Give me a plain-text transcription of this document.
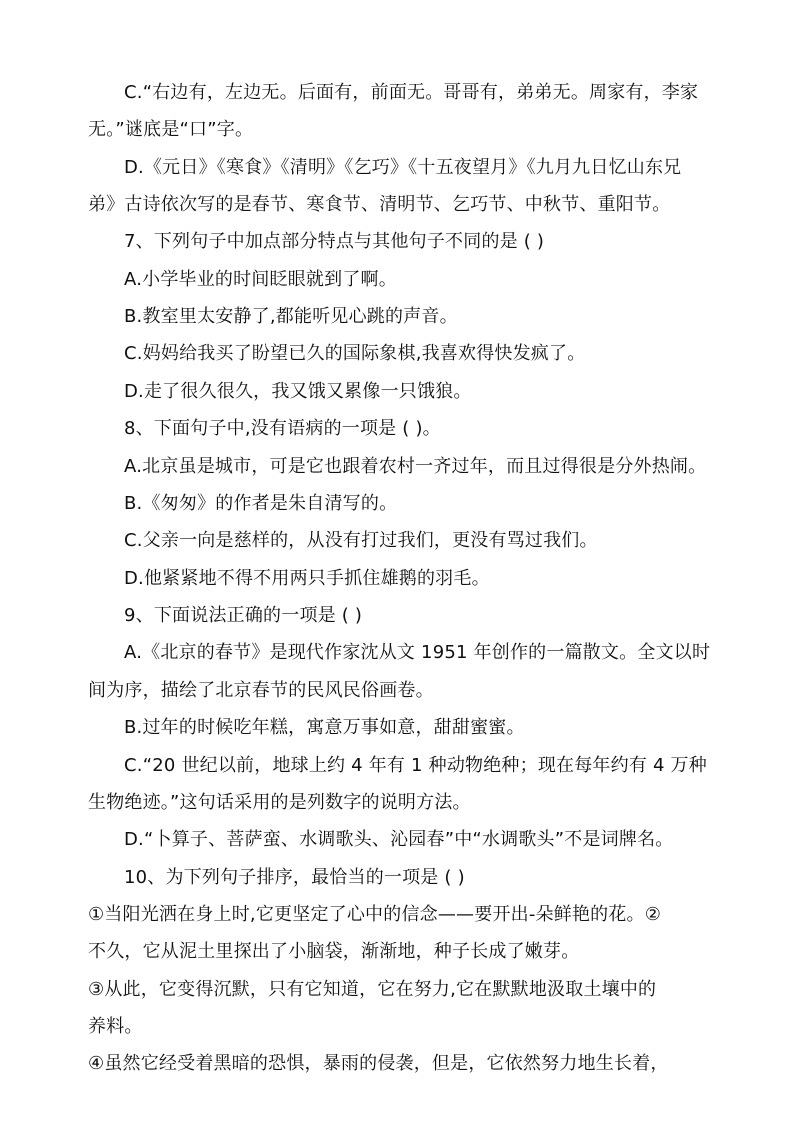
C.“右边有，左边无。后面有，前面无。哥哥有，弟弟无。周家有，李家
无。”谜底是“口”字。
D.《元日》《寒食》《清明》《乞巧》《十五夜望月》《九月九日忆山东兄
弟》古诗依次写的是春节、寒食节、清明节、乞巧节、中秋节、重阳节。
7、下列句子中加点部分特点与其他句子不同的是 ( )
A.小学毕业的时间眨眼就到了啊。
B.教室里太安静了,都能听见心跳的声音。
C.妈妈给我买了盼望已久的国际象棋,我喜欢得快发疯了。
D.走了很久很久，我又饿又累像一只饿狼。
8、下面句子中,没有语病的一项是 ( )。
A.北京虽是城市，可是它也跟着农村一齐过年，而且过得很是分外热闹。
B.《匆匆》的作者是朱自清写的。
C.父亲一向是慈样的，从没有打过我们，更没有骂过我们。
D.他紧紧地不得不用两只手抓住雄鹅的羽毛。
9、下面说法正确的一项是 ( )
A.《北京的春节》是现代作家沈从文 1951 年创作的一篇散文。全文以时
间为序，描绘了北京春节的民风民俗画卷。
B.过年的时候吃年糕，寓意万事如意，甜甜蜜蜜。
C.“20 世纪以前，地球上约 4 年有 1 种动物绝种；现在每年约有 4 万种
生物绝迹。”这句话采用的是列数字的说明方法。
D.“卜算子、菩萨蛮、水调歌头、沁园春”中“水调歌头”不是词牌名。
10、为下列句子排序，最恰当的一项是 ( )
①当阳光洒在身上时,它更坚定了心中的信念——要开出-朵鲜艳的花。②
不久，它从泥土里探出了小脑袋，渐渐地，种子长成了嫩芽。
③从此，它变得沉默，只有它知道，它在努力,它在默默地汲取土壤中的
养料。
④虽然它经受着黑暗的恐惧，暴雨的侵袭，但是，它依然努力地生长着，
